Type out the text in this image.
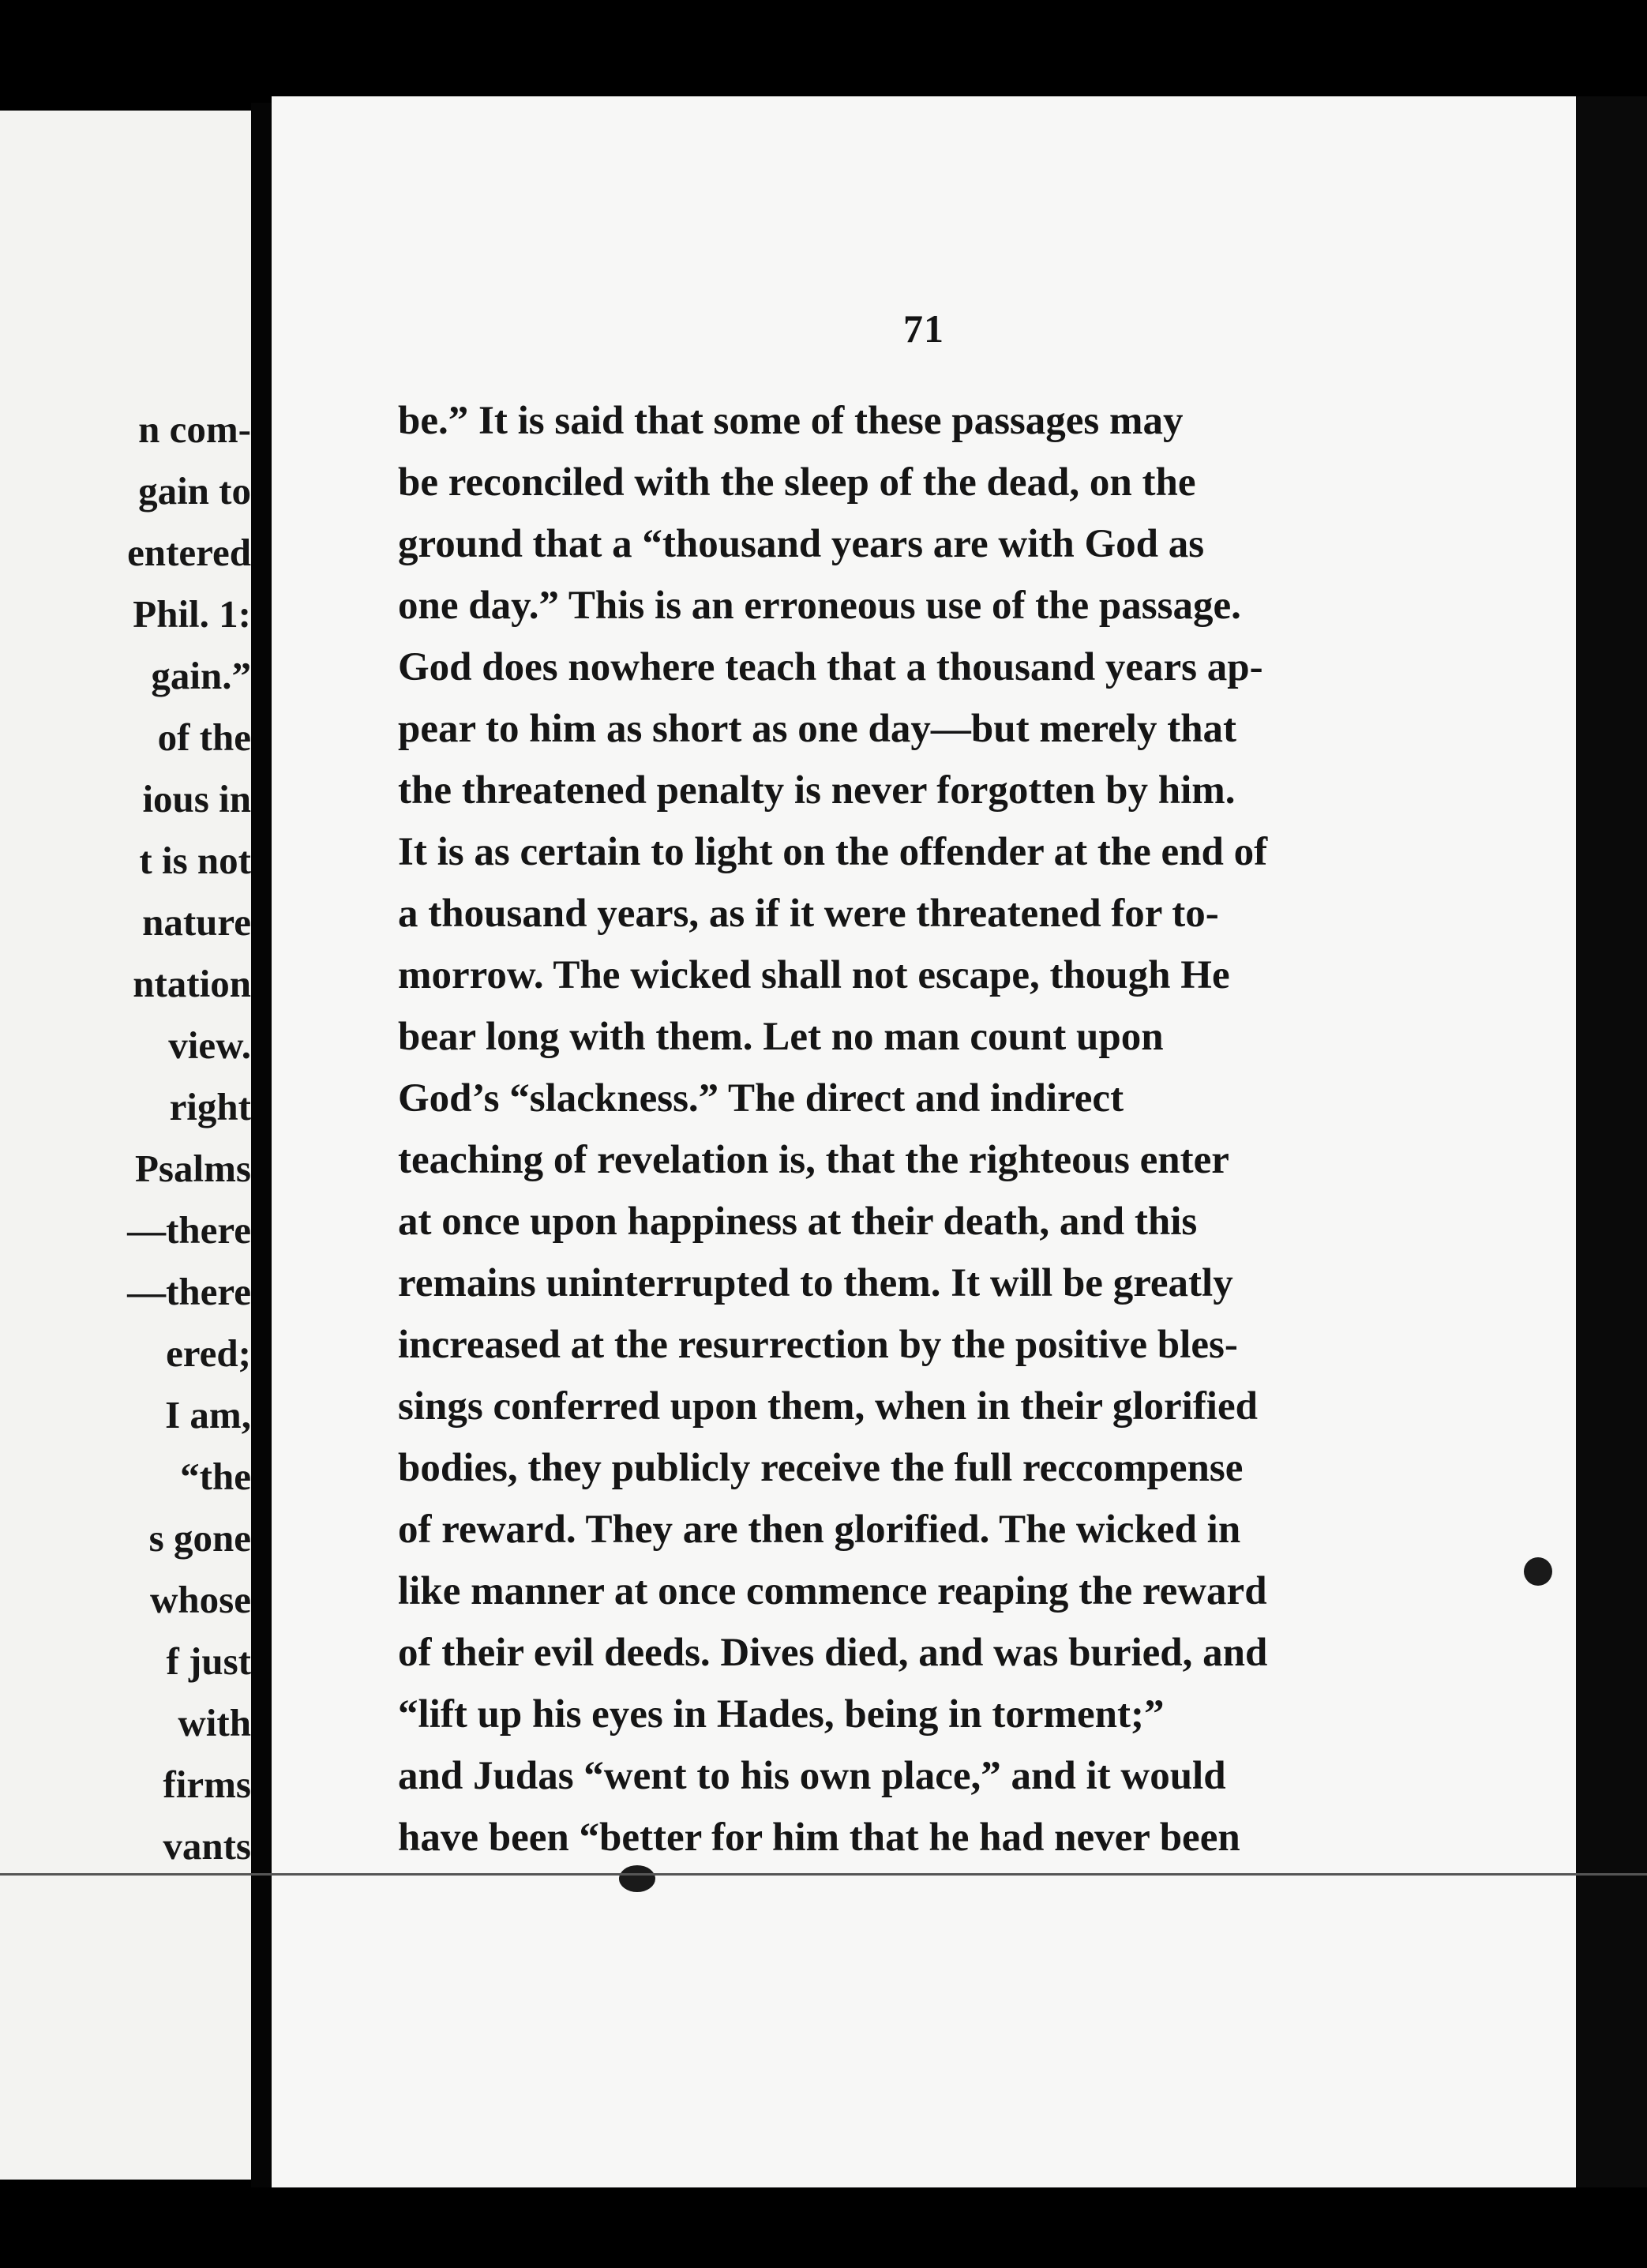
n com-
gain to
entered
Phil. 1:
gain.”
of the
ious in
t is not
nature
ntation
view.
right
Psalms
—there
—there
ered;
I am,
“the
s gone
whose
f just
with
firms
vants
71
be.” It is said that some of these passages may
be reconciled with the sleep of the dead, on the
ground that a “thousand years are with God as
one day.” This is an erroneous use of the passage.
God does nowhere teach that a thousand years ap-
pear to him as short as one day—but merely that
the threatened penalty is never forgotten by him.
It is as certain to light on the offender at the end of
a thousand years, as if it were threatened for to-
morrow. The wicked shall not escape, though He
bear long with them. Let no man count upon
God’s “slackness.” The direct and indirect
teaching of revelation is, that the righteous enter
at once upon happiness at their death, and this
remains uninterrupted to them. It will be greatly
increased at the resurrection by the positive bles-
sings conferred upon them, when in their glorified
bodies, they publicly receive the full reccompense
of reward. They are then glorified. The wicked in
like manner at once commence reaping the reward
of their evil deeds. Dives died, and was buried, and
“lift up his eyes in Hades, being in torment;”
and Judas “went to his own place,” and it would
have been “better for him that he had never been
